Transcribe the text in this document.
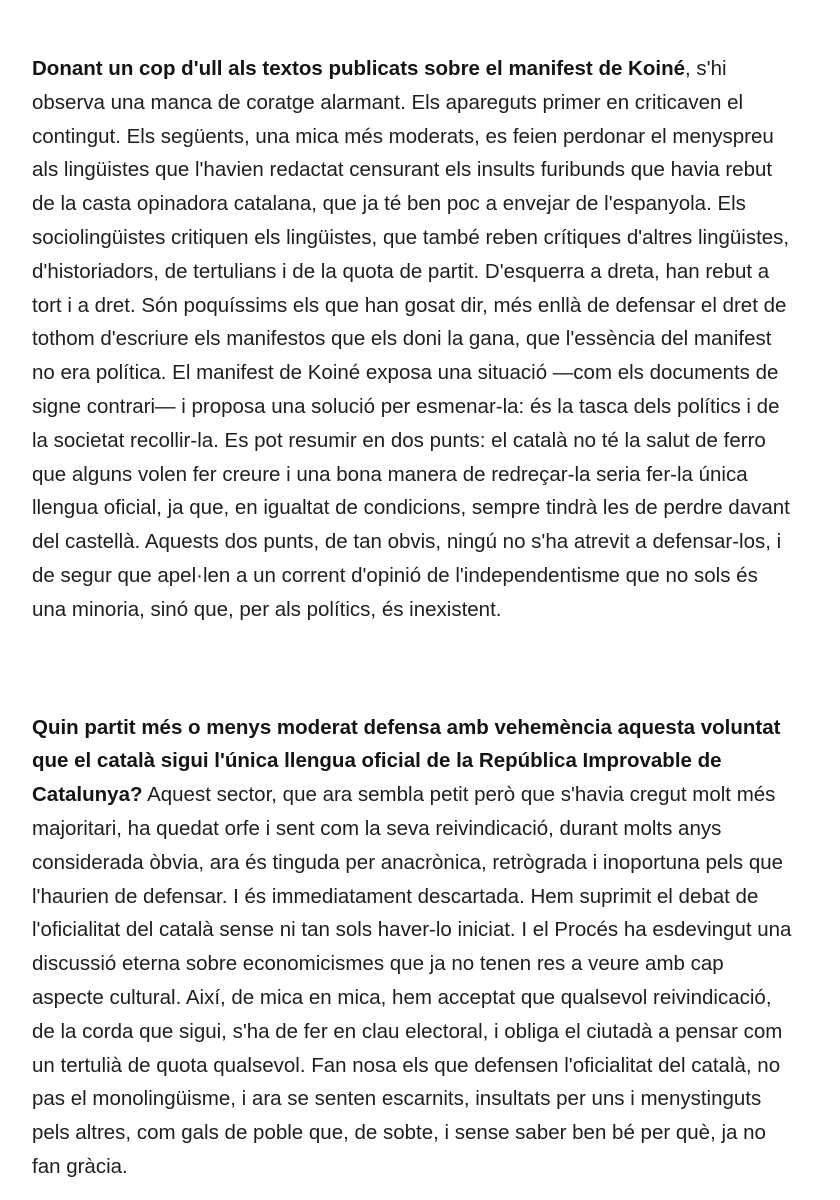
Donant un cop d'ull als textos publicats sobre el manifest de Koiné, s'hi observa una manca de coratge alarmant. Els apareguts primer en criticaven el contingut. Els següents, una mica més moderats, es feien perdonar el menyspreu als lingüistes que l'havien redactat censurant els insults furibunds que havia rebut de la casta opinadora catalana, que ja té ben poc a envejar de l'espanyola. Els sociolingüistes critiquen els lingüistes, que també reben crítiques d'altres lingüistes, d'historiadors, de tertulians i de la quota de partit. D'esquerra a dreta, han rebut a tort i a dret. Són poquíssims els que han gosat dir, més enllà de defensar el dret de tothom d'escriure els manifestos que els doni la gana, que l'essència del manifest no era política. El manifest de Koiné exposa una situació —com els documents de signe contrari— i proposa una solució per esmenar-la: és la tasca dels polítics i de la societat recollir-la. Es pot resumir en dos punts: el català no té la salut de ferro que alguns volen fer creure i una bona manera de redreçar-la seria fer-la única llengua oficial, ja que, en igualtat de condicions, sempre tindrà les de perdre davant del castellà. Aquests dos punts, de tan obvis, ningú no s'ha atrevit a defensar-los, i de segur que apel·len a un corrent d'opinió de l'independentisme que no sols és una minoria, sinó que, per als polítics, és inexistent.

Quin partit més o menys moderat defensa amb vehemència aquesta voluntat que el català sigui l'única llengua oficial de la República Improvable de Catalunya? Aquest sector, que ara sembla petit però que s'havia cregut molt més majoritari, ha quedat orfe i sent com la seva reivindicació, durant molts anys considerada òbvia, ara és tinguda per anacrònica, retrògrada i inoportuna pels que l'haurien de defensar. I és immediatament descartada. Hem suprimit el debat de l'oficialitat del català sense ni tan sols haver-lo iniciat. I el Procés ha esdevingut una discussió eterna sobre economicismes que ja no tenen res a veure amb cap aspecte cultural. Així, de mica en mica, hem acceptat que qualsevol reivindicació, de la corda que sigui, s'ha de fer en clau electoral, i obliga el ciutadà a pensar com un tertulià de quota qualsevol. Fan nosa els que defensen l'oficialitat del català, no pas el monolingüisme, i ara se senten escarnits, insultats per uns i menystinguts pels altres, com gals de poble que, de sobte, i sense saber ben bé per què, ja no fan gràcia.
